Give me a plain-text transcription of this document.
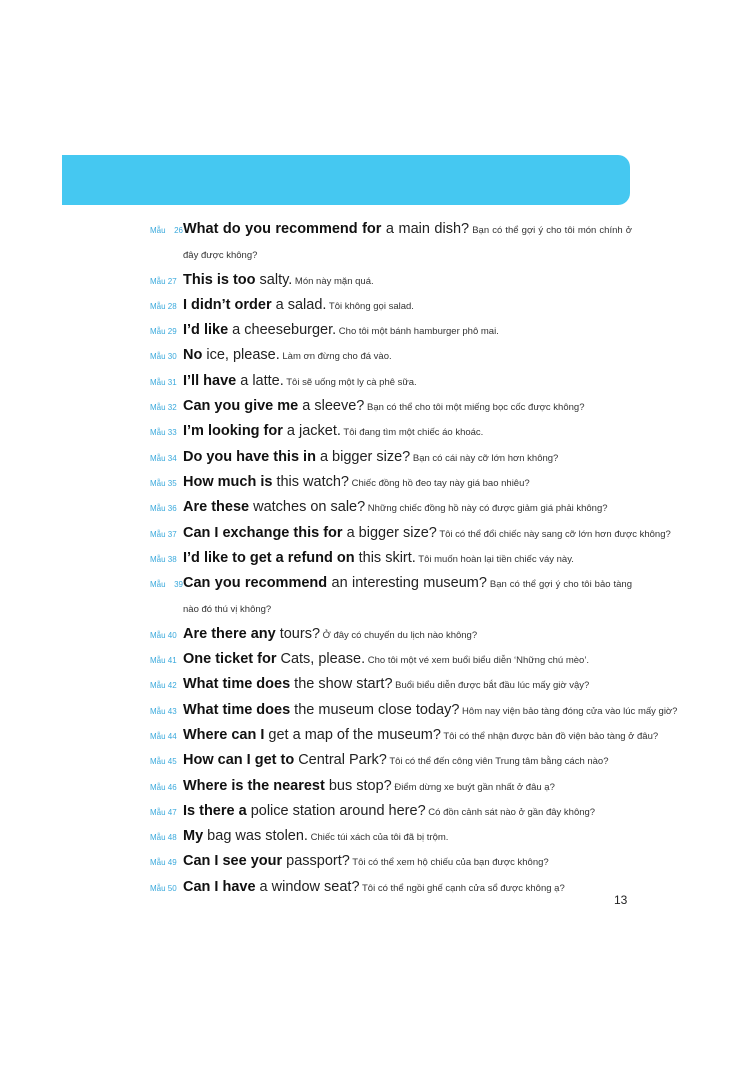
Mẫu 26What do you recommend for a main dish? Bạn có thể gợi ý cho tôi món chính ở
đây được không?
Mẫu 27 This is too salty. Món này mặn quá.
Mẫu 28 I didn’t order a salad. Tôi không gọi salad.
Mẫu 29 I’d like a cheeseburger. Cho tôi một bánh hamburger phô mai.
Mẫu 30 No ice, please. Làm ơn đừng cho đá vào.
Mẫu 31 I’ll have a latte. Tôi sẽ uống một ly cà phê sữa.
Mẫu 32 Can you give me a sleeve? Bạn có thể cho tôi một miếng bọc cốc được không?
Mẫu 33 I’m looking for a jacket. Tôi đang tìm một chiếc áo khoác.
Mẫu 34 Do you have this in a bigger size? Bạn có cái này cỡ lớn hơn không?
Mẫu 35 How much is this watch? Chiếc đồng hồ đeo tay này giá bao nhiêu?
Mẫu 36 Are these watches on sale? Những chiếc đồng hồ này có được giảm giá phải không?
Mẫu 37 Can I exchange this for a bigger size? Tôi có thể đổi chiếc này sang cỡ lớn hơn được không?
Mẫu 38 I’d like to get a refund on this skirt. Tôi muốn hoàn lại tiền chiếc váy này.
Mẫu 39Can you recommend an interesting museum? Bạn có thể gợi ý cho tôi bảo tàng
nào đó thú vị không?
Mẫu 40 Are there any tours? Ở đây có chuyến du lịch nào không?
Mẫu 41 One ticket for Cats, please. Cho tôi một vé xem buổi biểu diễn ‘Những chú mèo’.
Mẫu 42 What time does the show start? Buổi biểu diễn được bắt đầu lúc mấy giờ vậy?
Mẫu 43 What time does the museum close today? Hôm nay viện bảo tàng đóng cửa vào lúc mấy giờ?
Mẫu 44 Where can I get a map of the museum? Tôi có thể nhận được bản đồ viện bảo tàng ở đâu?
Mẫu 45 How can I get to Central Park? Tôi có thể đến công viên Trung tâm bằng cách nào?
Mẫu 46 Where is the nearest bus stop? Điểm dừng xe buýt gần nhất ở đâu ạ?
Mẫu 47 Is there a police station around here? Có đồn cảnh sát nào ở gần đây không?
Mẫu 48 My bag was stolen. Chiếc túi xách của tôi đã bị trộm.
Mẫu 49 Can I see your passport? Tôi có thể xem hộ chiếu của bạn được không?
Mẫu 50 Can I have a window seat? Tôi có thể ngồi ghế cạnh cửa sổ được không ạ?
13
